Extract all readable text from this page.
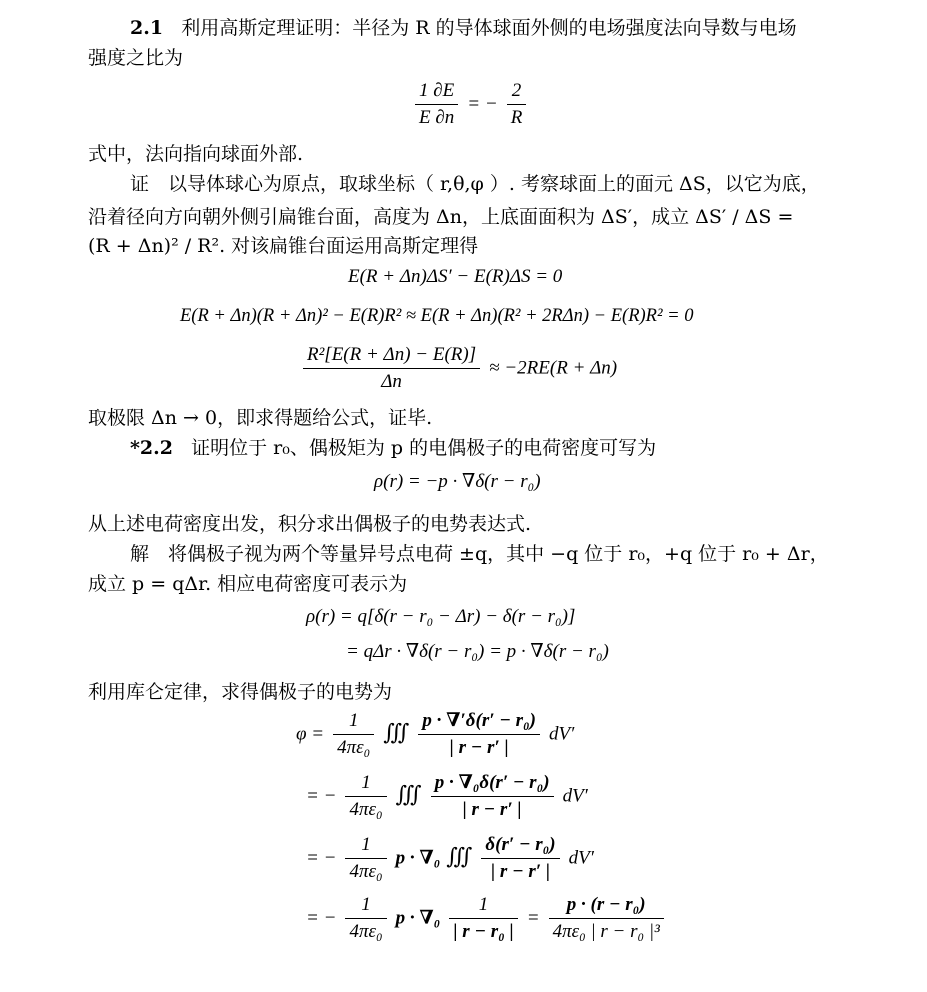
2.1 利用高斯定理证明：半径为 R 的导体球面外侧的电场强度法向导数与电场
强度之比为
$\frac{1 \partial E}{E \partial n}$ = − $\frac{2}{R}$
式中，法向指向球面外部.
证　以导体球心为原点，取球坐标（ r,θ,φ ）. 考察球面上的面元 ΔS，以它为底，
沿着径向方向朝外侧引扁锥台面，高度为 Δn，上底面面积为 ΔS′，成立 ΔS′ / ΔS =
(R + Δn)² / R². 对该扁锥台面运用高斯定理得
E(R + Δn)ΔS′ − E(R)ΔS = 0
E(R + Δn)(R + Δn)² − E(R)R² ≈ E(R + Δn)(R² + 2RΔn) − E(R)R² = 0
$\frac{\text{R²[E(R + Δn) − E(R)]}}{\Delta n} \approx -2RE(R + \Delta n)$
取极限 Δn → 0，即求得题给公式，证毕.
*2.2 证明位于 r₀、偶极矩为 p 的电偶极子的电荷密度可写为
ρ(r) = −p · ∇δ(r − r₀)
从上述电荷密度出发，积分求出偶极子的电势表达式.
解　将偶极子视为两个等量异号点电荷 ±q，其中 −q 位于 r₀，+q 位于 r₀ + Δr，
成立 p = qΔr. 相应电荷密度可表示为
ρ(r) = q[δ(r − r₀ − Δr) − δ(r − r₀)]
= qΔr · ∇δ(r − r₀) = p · ∇δ(r − r₀)
利用库仑定律，求得偶极子的电势为
$\varphi = \frac{1}{\text{4πε₀}}$ ∭ $\frac{\text{p · ∇′δ(r′ − r₀)}}{| r - r' |} dV'$
= − $\frac{1}{\text{4πε₀}}$ ∭ $\frac{\text{p · ∇₀δ(r′ − r₀)}}{| r - r' |} dV'$
= − $\frac{1}{\text{4πε₀}}$ p · ∇₀ ∭ $\frac{\text{δ(r′ − r₀)}}{| r - r' |} dV'$
= − $\frac{1}{\text{4πε₀}}$ $p \cdot \nabla_0 \frac{1}{\text{| r − r₀ |}} = \frac{\text{p · (r − r₀)}}{\text{4πε₀ | r − r₀ |³}}$
